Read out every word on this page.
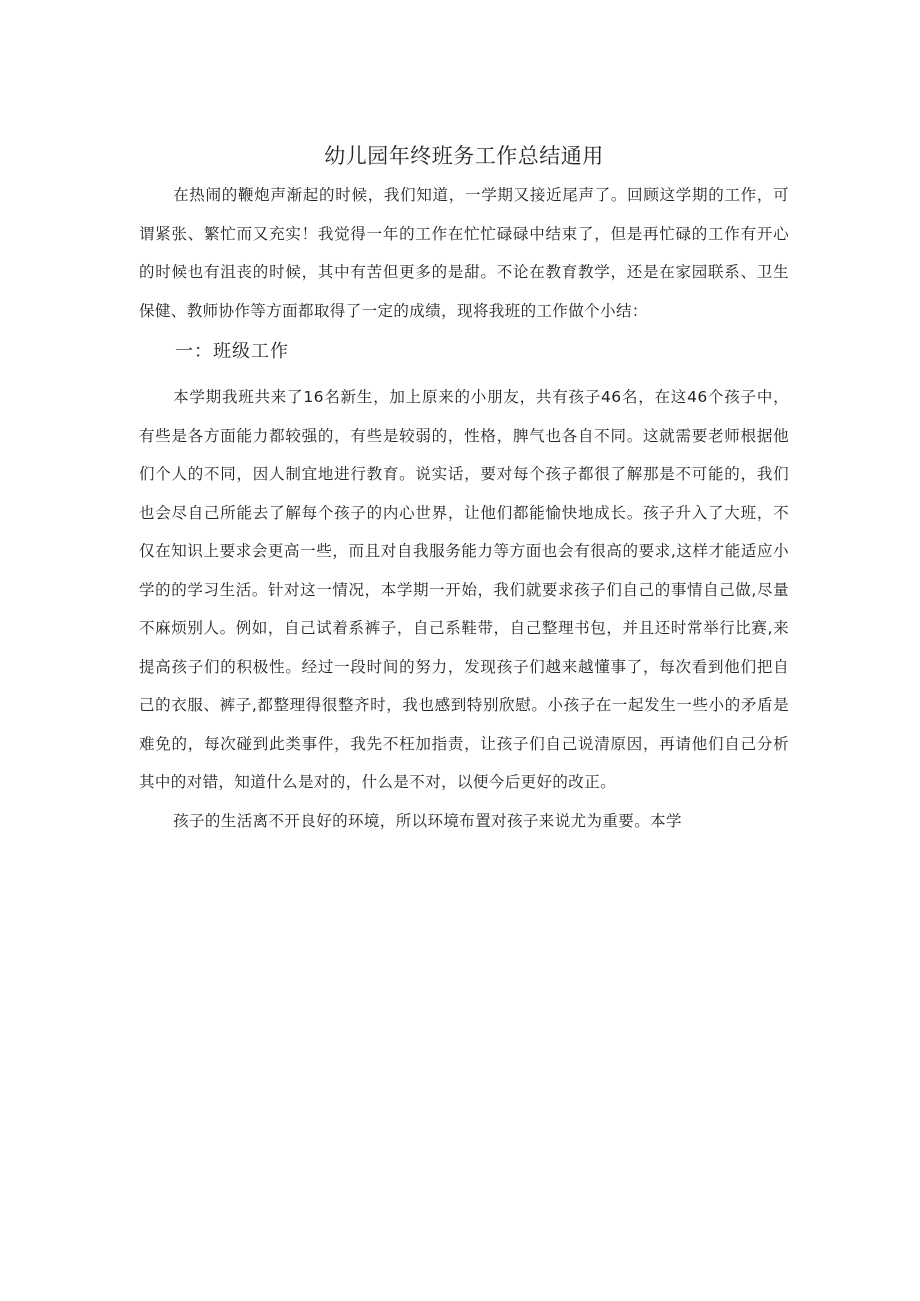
幼儿园年终班务工作总结通用

在热闹的鞭炮声渐起的时候，我们知道，一学期又接近尾声了。回顾这学期的工作，可谓紧张、繁忙而又充实！我觉得一年的工作在忙忙碌碌中结束了，但是再忙碌的工作有开心的时候也有沮丧的时候，其中有苦但更多的是甜。不论在教育教学，还是在家园联系、卫生保健、教师协作等方面都取得了一定的成绩，现将我班的工作做个小结：

一：班级工作

本学期我班共来了16名新生，加上原来的小朋友，共有孩子46名，在这46个孩子中，有些是各方面能力都较强的，有些是较弱的，性格，脾气也各自不同。这就需要老师根据他们个人的不同，因人制宜地进行教育。说实话，要对每个孩子都很了解那是不可能的，我们也会尽自己所能去了解每个孩子的内心世界，让他们都能愉快地成长。孩子升入了大班，不仅在知识上要求会更高一些，而且对自我服务能力等方面也会有很高的要求,这样才能适应小学的的学习生活。针对这一情况，本学期一开始，我们就要求孩子们自己的事情自己做,尽量不麻烦别人。例如，自己试着系裤子，自己系鞋带，自己整理书包，并且还时常举行比赛,来提高孩子们的积极性。经过一段时间的努力，发现孩子们越来越懂事了，每次看到他们把自己的衣服、裤子,都整理得很整齐时，我也感到特别欣慰。小孩子在一起发生一些小的矛盾是难免的，每次碰到此类事件，我先不枉加指责，让孩子们自己说清原因，再请他们自己分析其中的对错，知道什么是对的，什么是不对，以便今后更好的改正。

孩子的生活离不开良好的环境，所以环境布置对孩子来说尤为重要。本学
